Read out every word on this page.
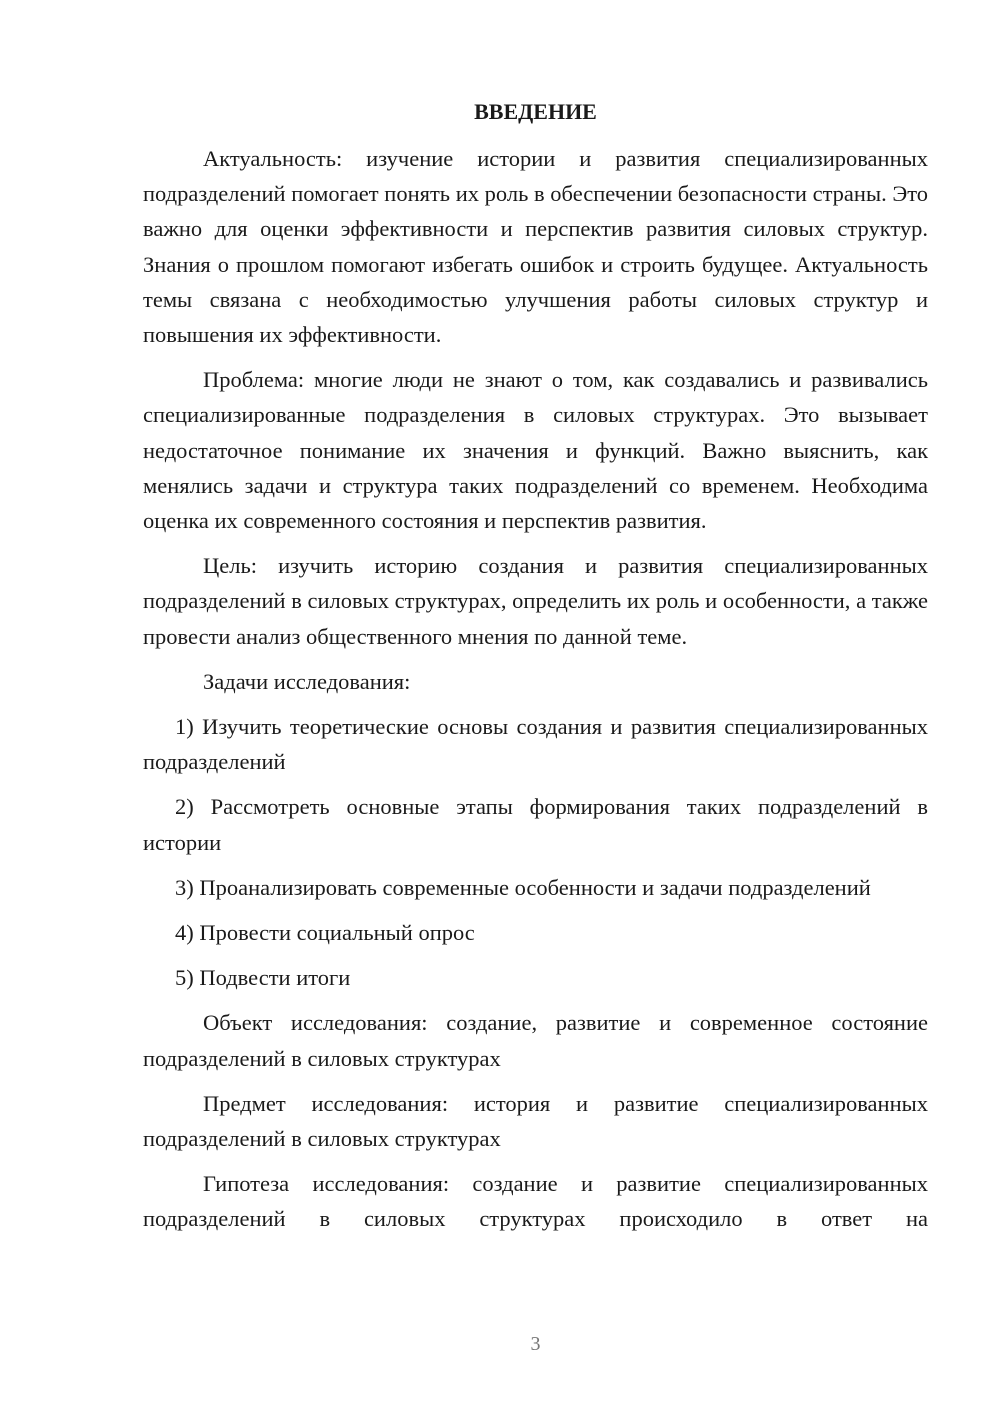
ВВЕДЕНИЕ

Актуальность: изучение истории и развития специализированных подразделений помогает понять их роль в обеспечении безопасности страны. Это важно для оценки эффективности и перспектив развития силовых структур. Знания о прошлом помогают избегать ошибок и строить будущее. Актуальность темы связана с необходимостью улучшения работы силовых структур и повышения их эффективности.

Проблема: многие люди не знают о том, как создавались и развивались специализированные подразделения в силовых структурах. Это вызывает недостаточное понимание их значения и функций. Важно выяснить, как менялись задачи и структура таких подразделений со временем. Необходима оценка их современного состояния и перспектив развития.

Цель: изучить историю создания и развития специализированных подразделений в силовых структурах, определить их роль и особенности, а также провести анализ общественного мнения по данной теме.

Задачи исследования:

1) Изучить теоретические основы создания и развития специализированных подразделений

2) Рассмотреть основные этапы формирования таких подразделений в истории

3) Проанализировать современные особенности и задачи подразделений

4) Провести социальный опрос

5) Подвести итоги

Объект исследования: создание, развитие и современное состояние подразделений в силовых структурах

Предмет исследования: история и развитие специализированных подразделений в силовых структурах

Гипотеза исследования: создание и развитие специализированных подразделений в силовых структурах происходило в ответ на

3
